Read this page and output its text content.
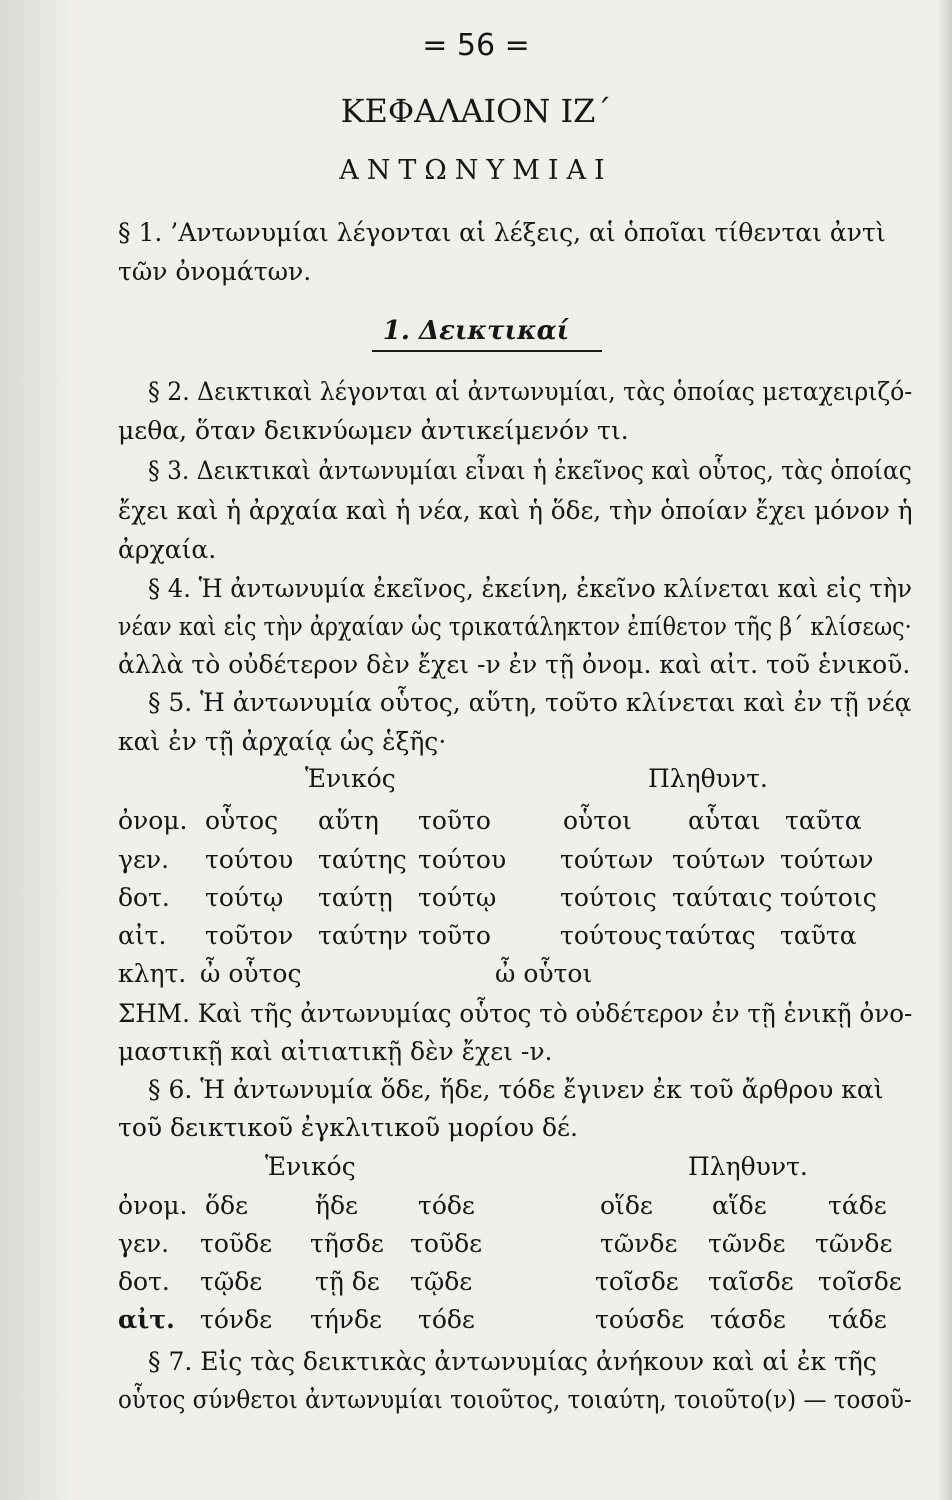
= 56 =
ΚΕΦΑΛΑΙΟΝ ΙΖ΄
ΑΝΤΩΝΥΜΙΑΙ
§ 1. ’Αντωνυμίαι λέγονται αἱ λέξεις, αἱ ὁποῖαι τίθενται ἀντὶ
τῶν ὀνομάτων.
1. Δεικτικαί
§ 2. Δεικτικαὶ λέγονται αἱ ἀντωνυμίαι, τὰς ὁποίας μεταχειριζό-
μεθα, ὅταν δεικνύωμεν ἀντικείμενόν τι.
§ 3. Δεικτικαὶ ἀντωνυμίαι εἶναι ἡ ἐκεῖνος καὶ οὗτος, τὰς ὁποίας
ἔχει καὶ ἡ ἀρχαία καὶ ἡ νέα, καὶ ἡ ὅδε, τὴν ὁποίαν ἔχει μόνον ἡ
ἀρχαία.
§ 4. Ἡ ἀντωνυμία ἐκεῖνος, ἐκείνη, ἐκεῖνο κλίνεται καὶ εἰς τὴν
νέαν καὶ εἰς τὴν ἀρχαίαν ὡς τρικατάληκτον ἐπίθετον τῆς β΄ κλίσεως·
ἀλλὰ τὸ οὐδέτερον δὲν ἔχει -ν ἐν τῇ ὀνομ. καὶ αἰτ. τοῦ ἑνικοῦ.
§ 5. Ἡ ἀντωνυμία οὗτος, αὕτη, τοῦτο κλίνεται καὶ ἐν τῇ νέᾳ
καὶ ἐν τῇ ἀρχαίᾳ ὡς ἑξῆς·
Ἑνικός	Πληθυντ.
ὀνομ. οὗτος αὕτη τοῦτο	οὗτοι αὗται ταῦτα
γεν. τούτου ταύτης τούτου τούτων τούτων τούτων
δοτ. τούτῳ ταύτῃ τούτῳ	τούτοις ταύταις τούτοις
αἰτ. τοῦτον ταύτην τοῦτο	τούτους ταύτας ταῦτα
κλητ. ὦ οὗτος	ὦ οὗτοι
ΣΗΜ. Καὶ τῆς ἀντωνυμίας οὗτος τὸ οὐδέτερον ἐν τῇ ἑνικῇ ὀνο-
μαστικῇ καὶ αἰτιατικῇ δὲν ἔχει -ν.
§ 6. Ἡ ἀντωνυμία ὅδε, ἥδε, τόδε ἔγινεν ἐκ τοῦ ἄρθρου καὶ
τοῦ δεικτικοῦ ἐγκλιτικοῦ μορίου δέ.
Ἑνικός	Πληθυντ.
ὀνομ. ὅδε	ἥδε τόδε	οἵδε αἵδε τάδε
γεν. τοῦδε τῆσδε τοῦδε	τῶνδε τῶνδε τῶνδε
δοτ. τῷδε τῇ δε τῷδε	τοῖσδε ταῖσδε τοῖσδε
αἰτ. τόνδε τήνδε τόδε	τούσδε τάσδε τάδε
§ 7. Εἰς τὰς δεικτικὰς ἀντωνυμίας ἀνήκουν καὶ αἱ ἐκ τῆς
οὗτος σύνθετοι ἀντωνυμίαι τοιοῦτος, τοιαύτη, τοιοῦτο(ν) — τοσοῦ-
